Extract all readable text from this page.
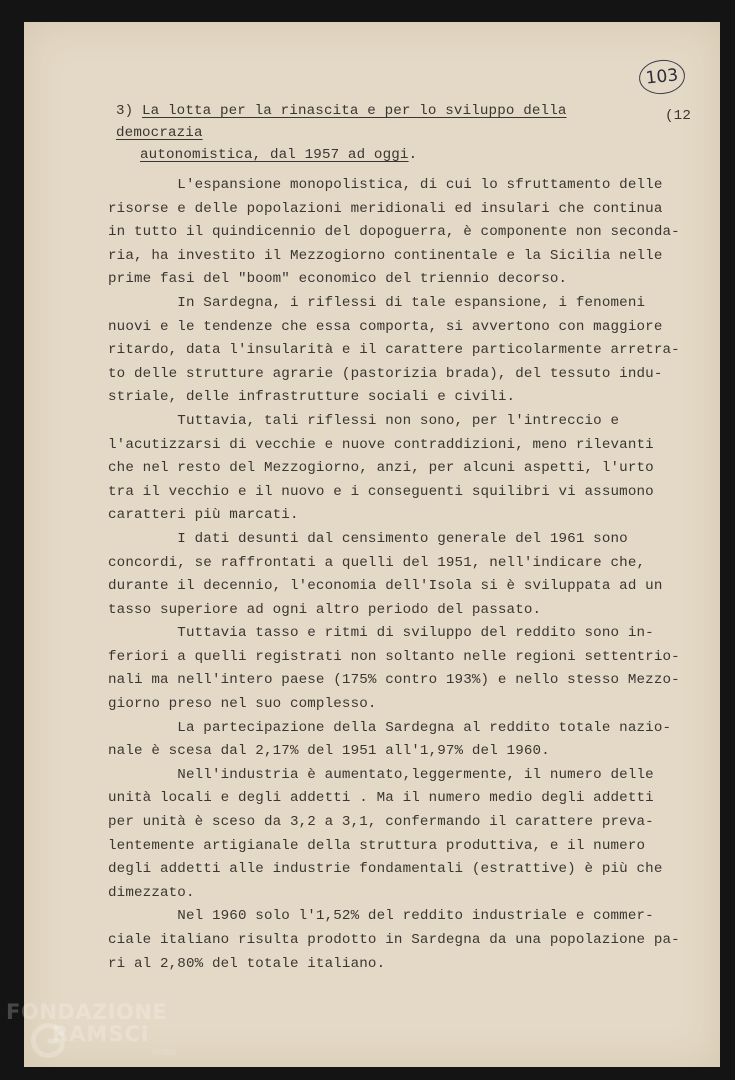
103
(12
3) La lotta per la rinascita e per lo sviluppo della democrazia
autonomistica, dal 1957 ad oggi.

L'espansione monopolistica, di cui lo sfruttamento delle

risorse e delle popolazioni meridionali ed insulari che continua

in tutto il quindicennio del dopoguerra, è componente non seconda-

ria, ha investito il Mezzogiorno continentale e la Sicilia nelle

prime fasi del "boom" economico del triennio decorso.

In Sardegna, i riflessi di tale espansione, i fenomeni

nuovi e le tendenze che essa comporta, si avvertono con maggiore

ritardo, data l'insularità e il carattere particolarmente arretra-

to delle strutture agrarie (pastorizia brada), del tessuto indu-

striale, delle infrastrutture sociali e civili.

Tuttavia, tali riflessi non sono, per l'intreccio e

l'acutizzarsi di vecchie e nuove contraddizioni, meno rilevanti

che nel resto del Mezzogiorno, anzi, per alcuni aspetti, l'urto

tra il vecchio e il nuovo e i conseguenti squilibri vi assumono

caratteri più marcati.

I dati desunti dal censimento generale del 1961 sono

concordi, se raffrontati a quelli del 1951, nell'indicare che,

durante il decennio, l'economia dell'Isola si è sviluppata ad un

tasso superiore ad ogni altro periodo del passato.

Tuttavia tasso e ritmi di sviluppo del reddito sono in-

feriori a quelli registrati non soltanto nelle regioni settentrio-

nali ma nell'intero paese (175% contro 193%) e nello stesso Mezzo-

giorno preso nel suo complesso.

La partecipazione della Sardegna al reddito totale nazio-

nale è scesa dal 2,17% del 1951 all'1,97% del 1960.

Nell'industria è aumentato,leggermente, il numero delle

unità locali e degli addetti . Ma il numero medio degli addetti

per unità è sceso da 3,2 a 3,1, confermando il carattere preva-

lentemente artigianale della struttura produttiva, e il numero

degli addetti alle industrie fondamentali (estrattive) è più che

dimezzato.

Nel 1960 solo l'1,52% del reddito industriale e commer-

ciale italiano risulta prodotto in Sardegna da una popolazione pa-

ri al 2,80% del totale italiano.

FONDAZIONE
RAMSCI
onlus
